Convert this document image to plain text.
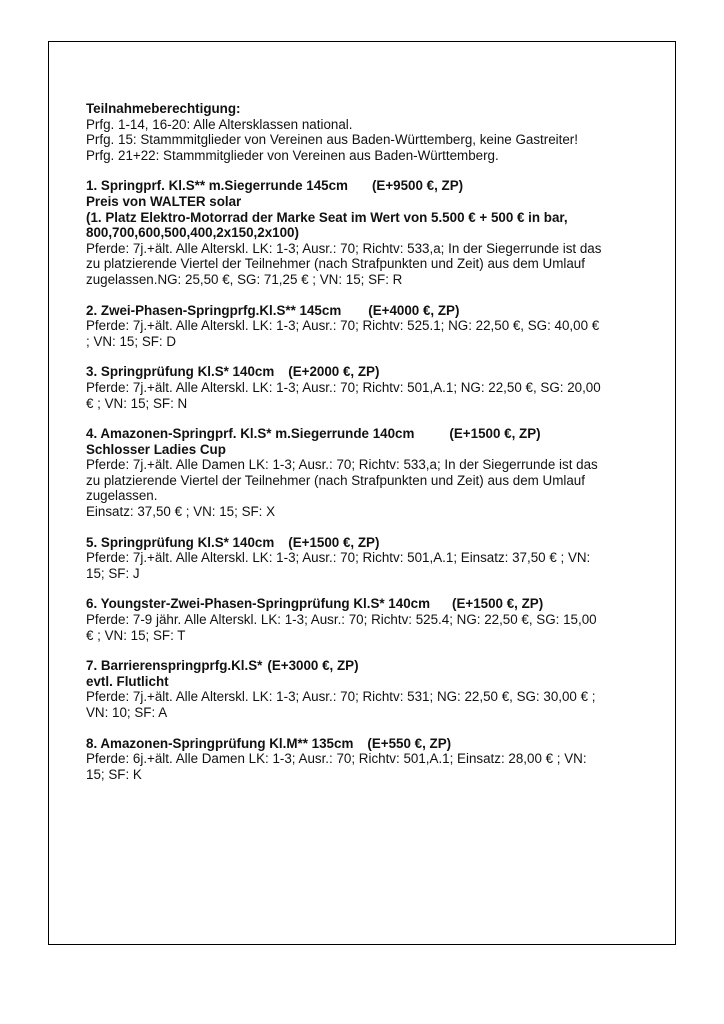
Teilnahmeberechtigung:
Prfg. 1-14, 16-20: Alle Altersklassen national.
Prfg. 15: Stammmitglieder von Vereinen aus Baden-Württemberg, keine Gastreiter!
Prfg. 21+22: Stammmitglieder von Vereinen aus Baden-Württemberg.
1. Springprf. Kl.S** m.Siegerrunde 145cm (E+9500 €, ZP)
Preis von WALTER solar
(1. Platz Elektro-Motorrad der Marke Seat im Wert von 5.500 € + 500 € in bar,
800,700,600,500,400,2x150,2x100)
Pferde: 7j.+ält. Alle Alterskl. LK: 1-3; Ausr.: 70; Richtv: 533,a; In der Siegerrunde ist das
zu platzierende Viertel der Teilnehmer (nach Strafpunkten und Zeit) aus dem Umlauf
zugelassen.NG: 25,50 €, SG: 71,25 € ; VN: 15; SF: R
2. Zwei-Phasen-Springprfg.Kl.S** 145cm (E+4000 €, ZP)
Pferde: 7j.+ält. Alle Alterskl. LK: 1-3; Ausr.: 70; Richtv: 525.1; NG: 22,50 €, SG: 40,00 €
; VN: 15; SF: D
3. Springprüfung Kl.S* 140cm (E+2000 €, ZP)
Pferde: 7j.+ält. Alle Alterskl. LK: 1-3; Ausr.: 70; Richtv: 501,A.1; NG: 22,50 €, SG: 20,00
€ ; VN: 15; SF: N
4. Amazonen-Springprf. Kl.S* m.Siegerrunde 140cm	(E+1500 €, ZP)
Schlosser Ladies Cup
Pferde: 7j.+ält. Alle Damen LK: 1-3; Ausr.: 70; Richtv: 533,a; In der Siegerrunde ist das
zu platzierende Viertel der Teilnehmer (nach Strafpunkten und Zeit) aus dem Umlauf
zugelassen.
Einsatz: 37,50 € ; VN: 15; SF: X
5. Springprüfung Kl.S* 140cm (E+1500 €, ZP)
Pferde: 7j.+ält. Alle Alterskl. LK: 1-3; Ausr.: 70; Richtv: 501,A.1; Einsatz: 37,50 € ; VN:
15; SF: J
6. Youngster-Zwei-Phasen-Springprüfung Kl.S* 140cm (E+1500 €, ZP)
Pferde: 7-9 jähr. Alle Alterskl. LK: 1-3; Ausr.: 70; Richtv: 525.4; NG: 22,50 €, SG: 15,00
€ ; VN: 15; SF: T
7. Barrierenspringprfg.Kl.S* (E+3000 €, ZP)
evtl. Flutlicht
Pferde: 7j.+ält. Alle Alterskl. LK: 1-3; Ausr.: 70; Richtv: 531; NG: 22,50 €, SG: 30,00 € ;
VN: 10; SF: A
8. Amazonen-Springprüfung Kl.M** 135cm (E+550 €, ZP)
Pferde: 6j.+ält. Alle Damen LK: 1-3; Ausr.: 70; Richtv: 501,A.1; Einsatz: 28,00 € ; VN:
15; SF: K
